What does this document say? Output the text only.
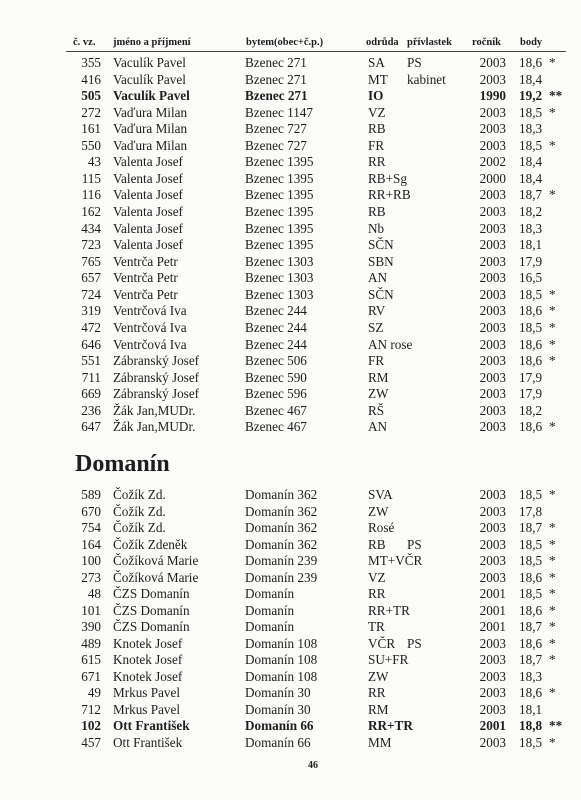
č. vz. jméno a příjmení	bytem(obec+č.p.)	odrůda přívlastek ročník body
355 Vaculík Pavel	Bzenec 271	SA PS	2003 18,6 *
416 Vaculík Pavel	Bzenec 271	MT kabinet	2003 18,4
505 Vaculík Pavel	Bzenec 271	IO	1990 19,2 **
272 Vaďura Milan	Bzenec 1147	VZ	2003 18,5 *
161 Vaďura Milan	Bzenec 727	RB	2003 18,3
550 Vaďura Milan	Bzenec 727	FR	2003 18,5 *
43 Valenta Josef	Bzenec 1395	RR	2002 18,4
115 Valenta Josef	Bzenec 1395	RB+Sg	2000 18,4
116 Valenta Josef	Bzenec 1395	RR+RB	2003 18,7 *
162 Valenta Josef	Bzenec 1395	RB	2003 18,2
434 Valenta Josef	Bzenec 1395	Nb	2003 18,3
723 Valenta Josef	Bzenec 1395	SČN	2003 18,1
765 Ventrča Petr	Bzenec 1303	SBN	2003 17,9
657 Ventrča Petr	Bzenec 1303	AN	2003 16,5
724 Ventrča Petr	Bzenec 1303	SČN	2003 18,5 *
319 Ventrčová Iva	Bzenec 244	RV	2003 18,6 *
472 Ventrčová Iva	Bzenec 244	SZ	2003 18,5 *
646 Ventrčová Iva	Bzenec 244	AN rose	2003 18,6 *
551 Zábranský Josef	Bzenec 506	FR	2003 18,6 *
711 Zábranský Josef	Bzenec 590	RM	2003 17,9
669 Zábranský Josef	Bzenec 596	ZW	2003 17,9
236 Žák Jan,MUDr.	Bzenec 467	RŠ	2003 18,2
647 Žák Jan,MUDr.	Bzenec 467	AN	2003 18,6 *
Domanín
589 Čožík Zd.	Domanín 362	SVA	2003 18,5 *
670 Čožík Zd.	Domanín 362	ZW	2003 17,8
754 Čožík Zd.	Domanín 362	Rosé	2003 18,7 *
164 Čožík Zdeněk	Domanín 362	RB PS	2003 18,5 *
100 Čožíková Marie	Domanín 239	MT+VČR	2003 18,5 *
273 Čožíková Marie	Domanín 239	VZ	2003 18,6 *
48 ČZS Domanín	Domanín	RR	2001 18,5 *
101 ČZS Domanín	Domanín	RR+TR	2001 18,6 *
390 ČZS Domanín	Domanín	TR	2001 18,7 *
489 Knotek Josef	Domanín 108	VČR PS	2003 18,6 *
615 Knotek Josef	Domanín 108	SU+FR	2003 18,7 *
671 Knotek Josef	Domanín 108	ZW	2003 18,3
49 Mrkus Pavel	Domanín 30	RR	2003 18,6 *
712 Mrkus Pavel	Domanín 30	RM	2003 18,1
102 Ott František	Domanín 66	RR+TR	2001 18,8 **
457 Ott František	Domanín 66	MM	2003 18,5 *
46
